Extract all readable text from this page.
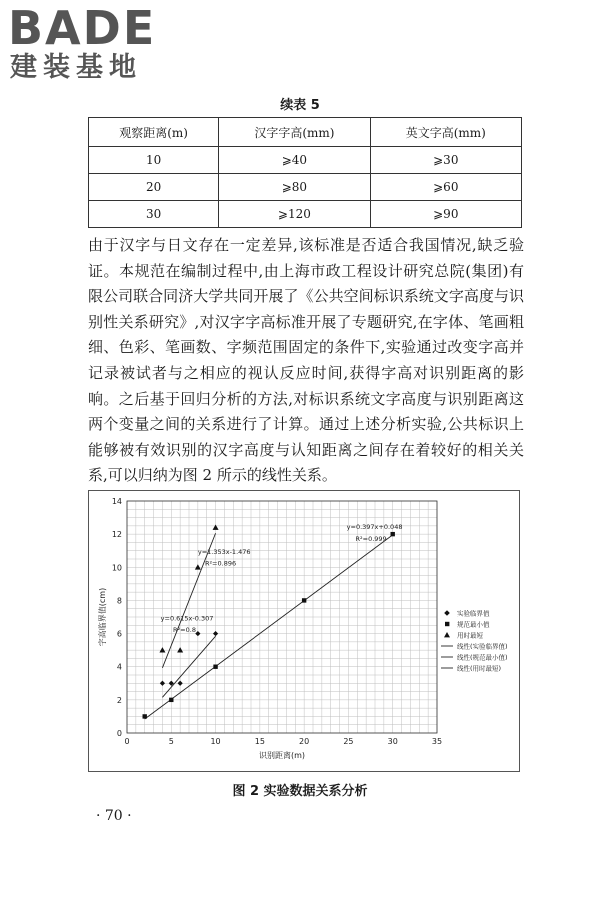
BADE
建装基地
续表 5
观察距离(m)	汉字字高(mm)	英文字高(mm)
10	⩾40	⩾30
20	⩾80	⩾60
30	⩾120	⩾90

由于汉字与日文存在一定差异,该标准是否适合我国情况,缺乏验证。本规范在编制过程中,由上海市政工程设计研究总院(集团)有限公司联合同济大学共同开展了《公共空间标识系统文字高度与识别性关系研究》,对汉字字高标准开展了专题研究,在字体、笔画粗细、色彩、笔画数、字频范围固定的条件下,实验通过改变字高并记录被试者与之相应的视认反应时间,获得字高对识别距离的影响。之后基于回归分析的方法,对标识系统文字高度与识别距离这两个变量之间的关系进行了计算。通过上述分析实验,公共标识上能够被有效识别的汉字高度与认知距离之间存在着较好的相关关系,可以归纳为图 2 所示的线性关系。

0	5	10	15	20	25	30	35
0
2
4
6
8
10
12
14
识别距离(m)
字高临界值(cm)
y=1.353x-1.476
R²=0.896
y=0.615x-0.307
R²=0.8
y=0.397x+0.048
R²=0.999
实验临界值
规范最小值
用时最短
线性(实验临界值)
线性(规范最小值)
线性(用时最短)
图 2 实验数据关系分析
· 70 ·
